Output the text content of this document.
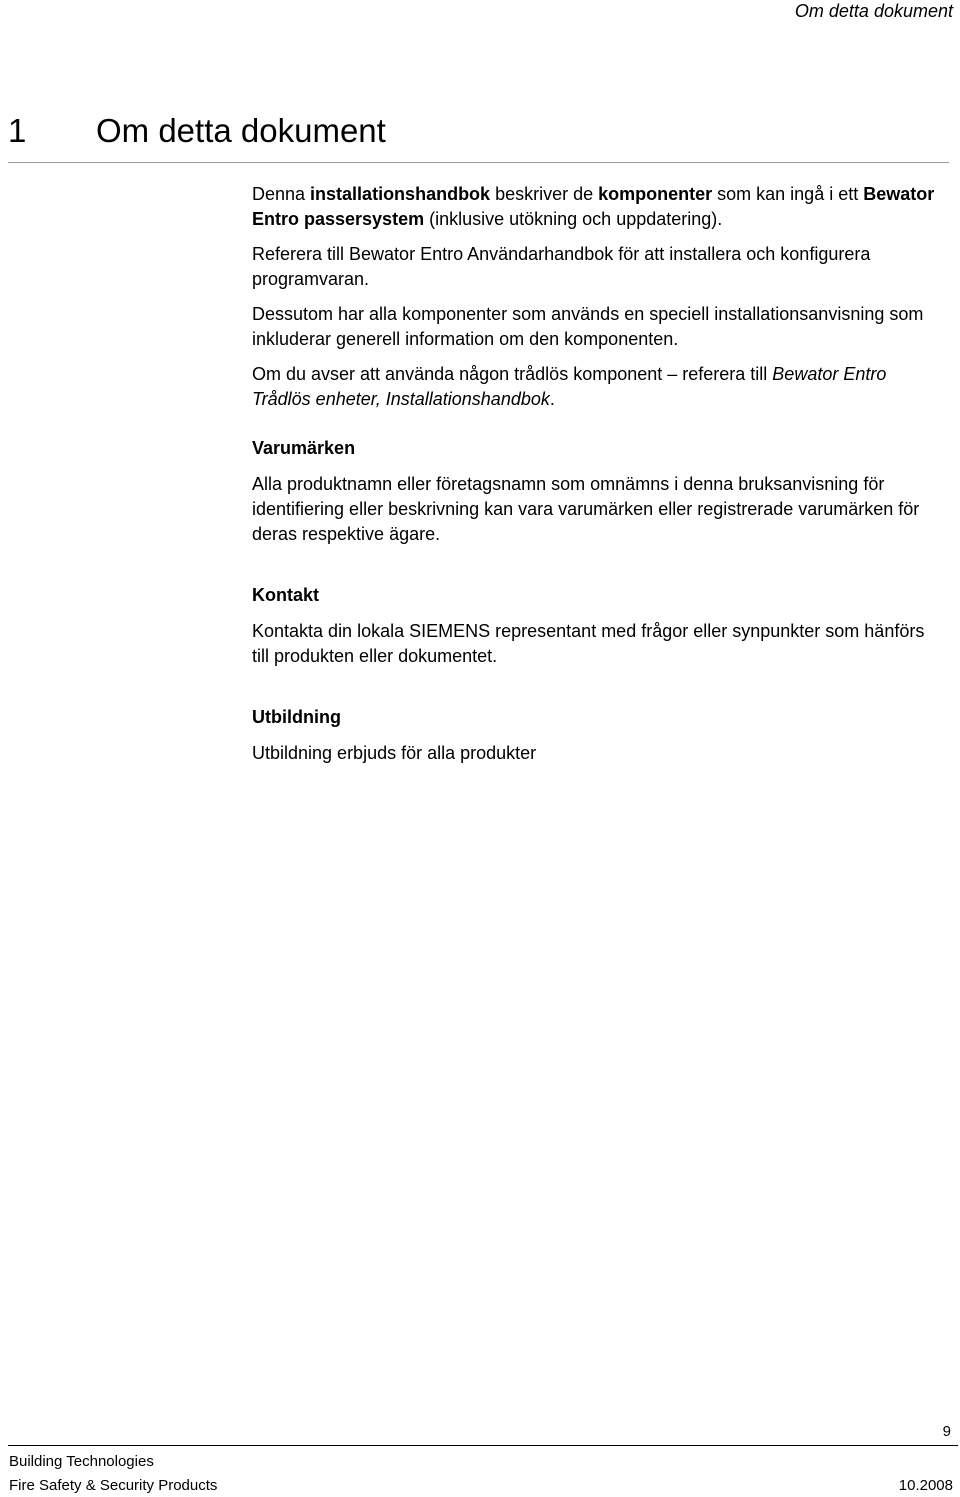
Om detta dokument
1 Om detta dokument

Denna installationshandbok beskriver de komponenter som kan ingå i ett Bewator Entro passersystem (inklusive utökning och uppdatering).

Referera till Bewator Entro Användarhandbok för att installera och konfigurera programvaran.

Dessutom har alla komponenter som används en speciell installationsanvisning som inkluderar generell information om den komponenten.

Om du avser att använda någon trådlös komponent – referera till Bewator Entro Trådlös enheter, Installationshandbok.

Varumärken

Alla produktnamn eller företagsnamn som omnämns i denna bruksanvisning för identifiering eller beskrivning kan vara varumärken eller registrerade varumärken för deras respektive ägare.

Kontakt

Kontakta din lokala SIEMENS representant med frågor eller synpunkter som hänförs till produkten eller dokumentet.

Utbildning

Utbildning erbjuds för alla produkter

9
Building Technologies
Fire Safety & Security Products	10.2008
